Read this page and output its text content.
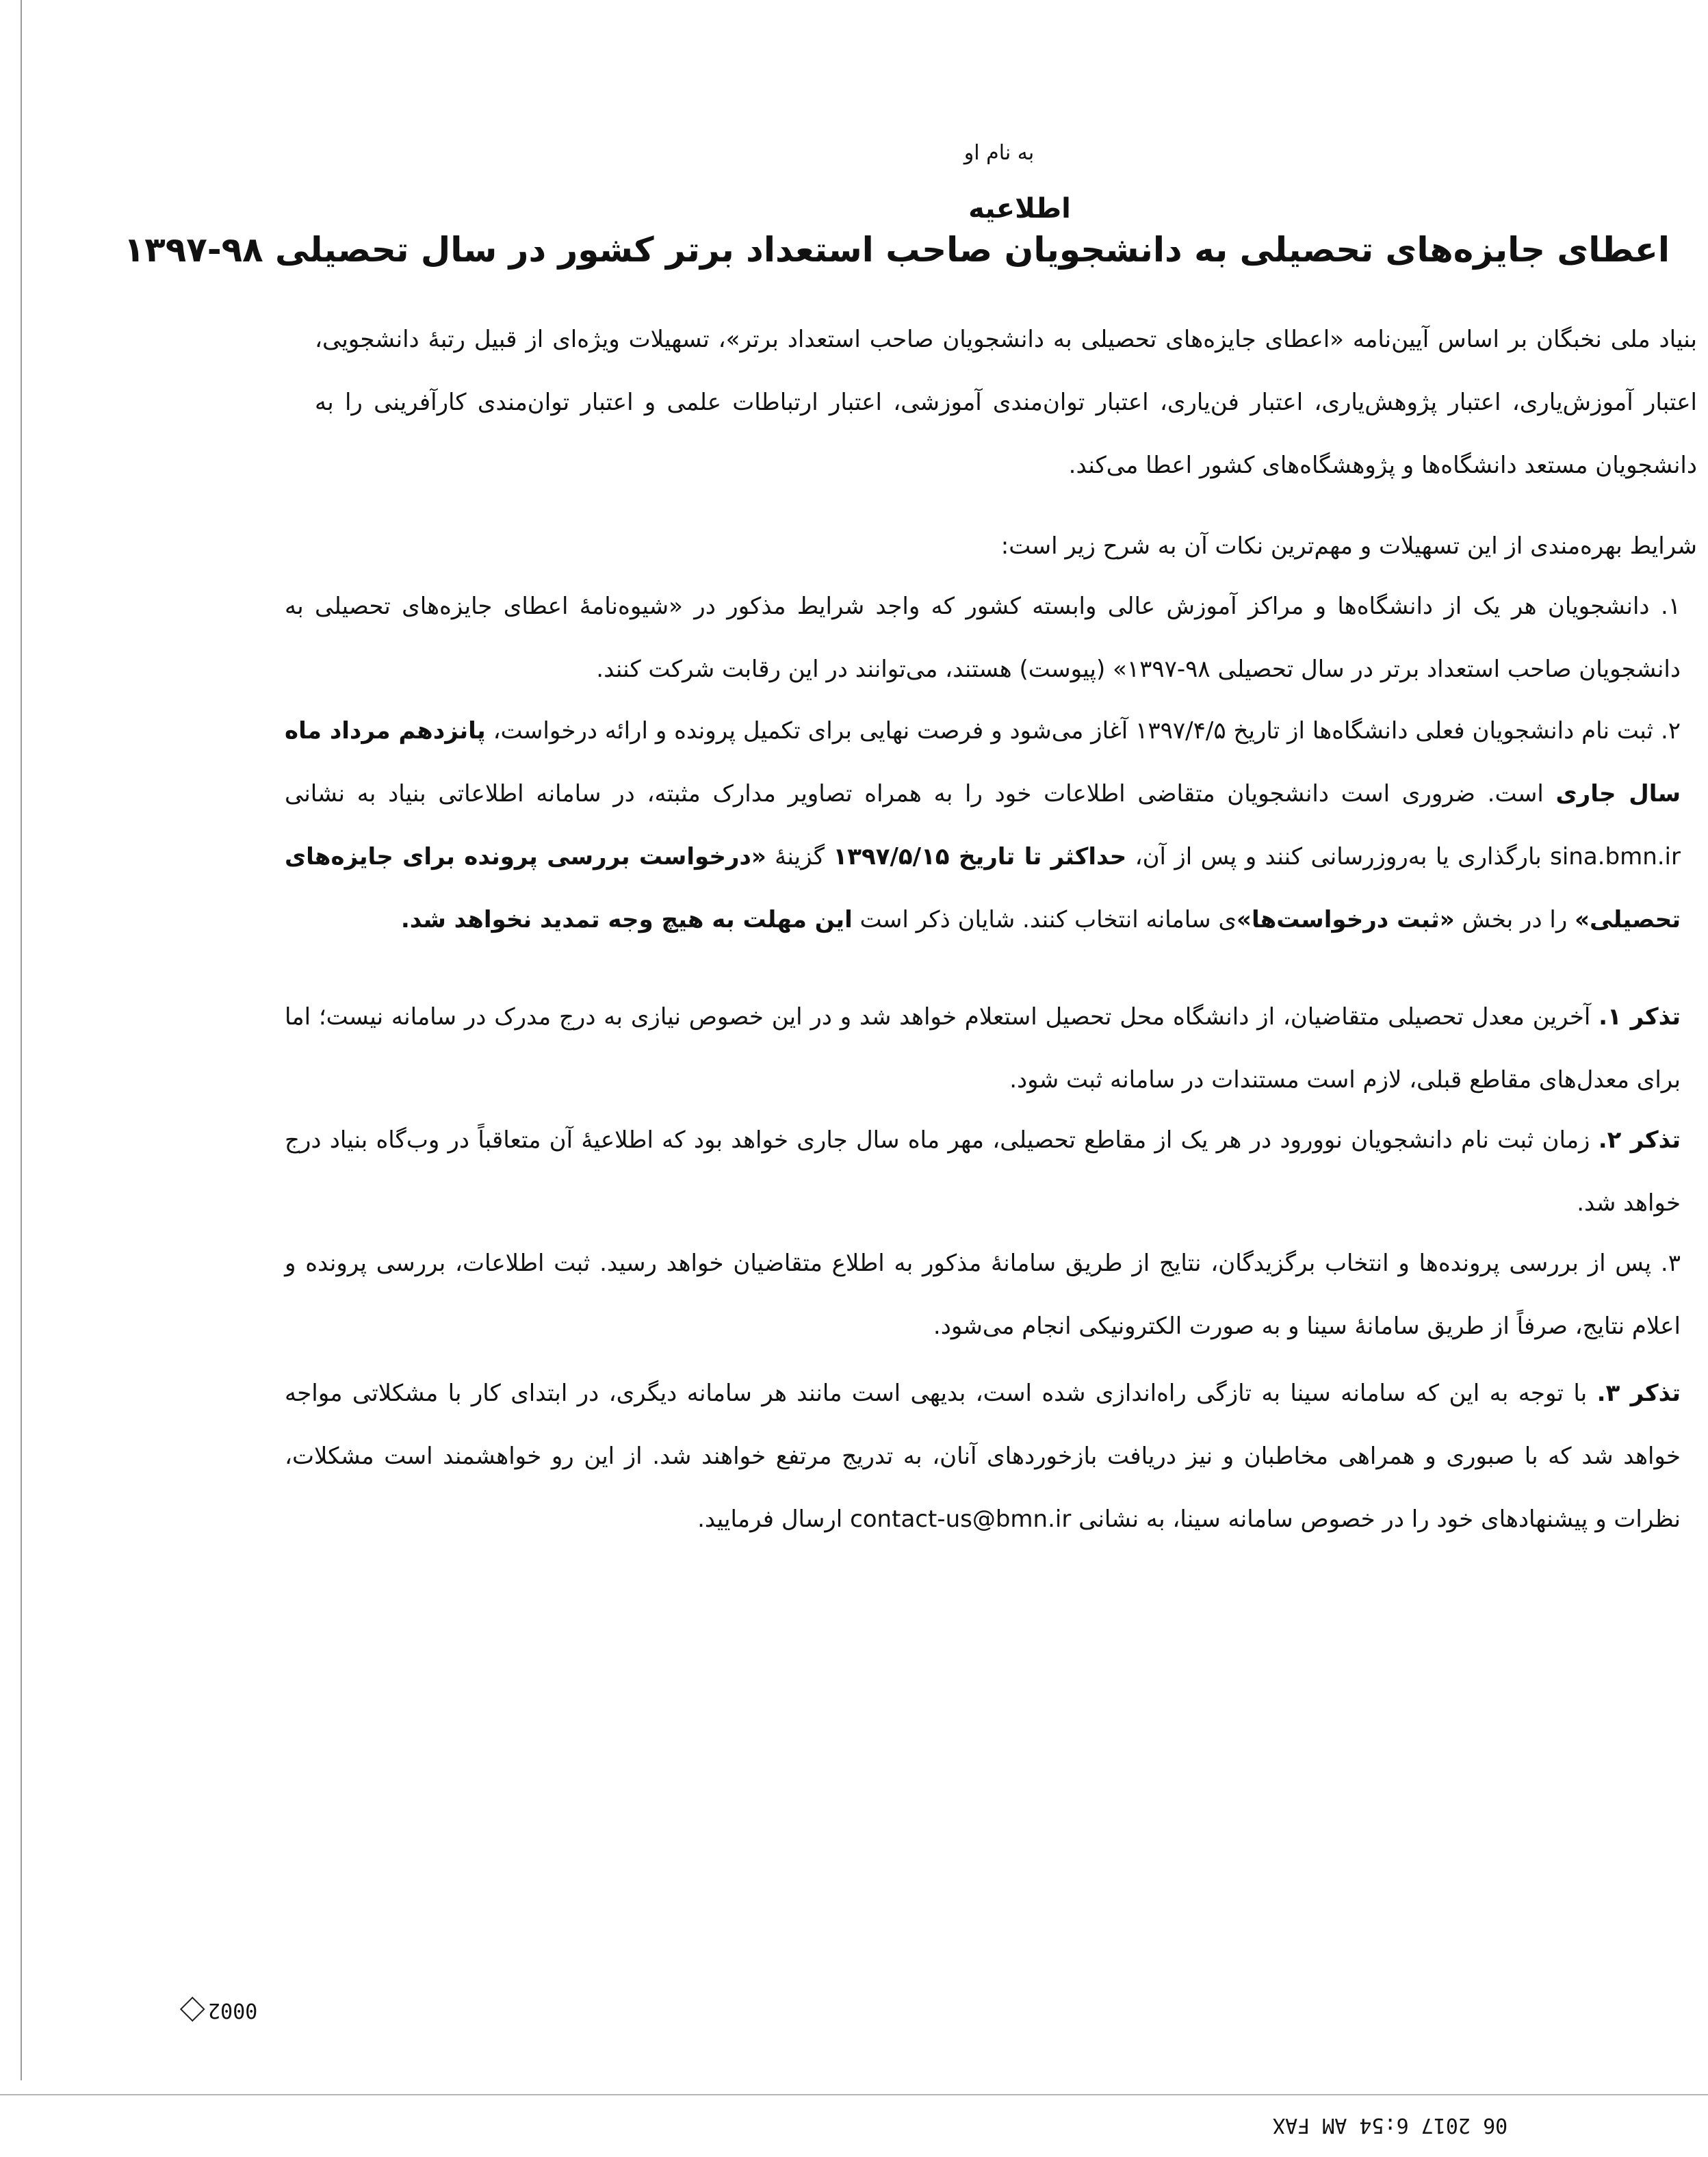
به نام او
اطلاعیه
اعطای جایزه‌های تحصیلی به دانشجویان صاحب استعداد برتر کشور در سال تحصیلی ۹۸-۱۳۹۷
بنیاد ملی نخبگان بر اساس آیین‌نامه «اعطای جایزه‌های تحصیلی به دانشجویان صاحب استعداد برتر»، تسهیلات ویژه‌ای از قبیل رتبهٔ دانشجویی، اعتبار آموزش‌یاری، اعتبار پژوهش‌یاری، اعتبار فن‌یاری، اعتبار توان‌مندی آموزشی، اعتبار ارتباطات علمی و اعتبار توان‌مندی کارآفرینی را به دانشجویان مستعد دانشگاه‌ها و پژوهشگاه‌های کشور اعطا می‌کند.
شرایط بهره‌مندی از این تسهیلات و مهم‌ترین نکات آن به شرح زیر است:
۱. دانشجویان هر یک از دانشگاه‌ها و مراکز آموزش عالی وابسته کشور که واجد شرایط مذکور در «شیوه‌نامهٔ اعطای جایزه‌های تحصیلی به دانشجویان صاحب استعداد برتر در سال تحصیلی ۹۸-۱۳۹۷» (پیوست) هستند، می‌توانند در این رقابت شرکت کنند.
۲. ثبت نام دانشجویان فعلی دانشگاه‌ها از تاریخ ۱۳۹۷/۴/۵ آغاز می‌شود و فرصت نهایی برای تکمیل پرونده و ارائه درخواست، پانزدهم مرداد ماه سال جاری است. ضروری است دانشجویان متقاضی اطلاعات خود را به همراه تصاویر مدارک مثبته، در سامانه اطلاعاتی بنیاد به نشانی sina.bmn.ir بارگذاری یا به‌روزرسانی کنند و پس از آن، حداکثر تا تاریخ ۱۳۹۷/۵/۱۵ گزینهٔ «درخواست بررسی پرونده برای جایزه‌های تحصیلی» را در بخش «ثبت درخواست‌ها»ی سامانه انتخاب کنند. شایان ذکر است این مهلت به هیچ وجه تمدید نخواهد شد.
تذکر ۱. آخرین معدل تحصیلی متقاضیان، از دانشگاه محل تحصیل استعلام خواهد شد و در این خصوص نیازی به درج مدرک در سامانه نیست؛ اما برای معدل‌های مقاطع قبلی، لازم است مستندات در سامانه ثبت شود.
تذکر ۲. زمان ثبت نام دانشجویان نوورود در هر یک از مقاطع تحصیلی، مهر ماه سال جاری خواهد بود که اطلاعیهٔ آن متعاقباً در وب‌گاه بنیاد درج خواهد شد.
۳. پس از بررسی پرونده‌ها و انتخاب برگزیدگان، نتایج از طریق سامانهٔ مذکور به اطلاع متقاضیان خواهد رسید. ثبت اطلاعات، بررسی پرونده و اعلام نتایج، صرفاً از طریق سامانهٔ سینا و به صورت الکترونیکی انجام می‌شود.
تذکر ۳. با توجه به این که سامانه سینا به تازگی راه‌اندازی شده است، بدیهی است مانند هر سامانه دیگری، در ابتدای کار با مشکلاتی مواجه خواهد شد که با صبوری و همراهی مخاطبان و نیز دریافت بازخوردهای آنان، به تدریج مرتفع خواهند شد. از این رو خواهشمند است مشکلات، نظرات و پیشنهادهای خود را در خصوص سامانه سینا، به نشانی contact-us@bmn.ir ارسال فرمایید.
0002
06 2017 6:54 AM FAX
